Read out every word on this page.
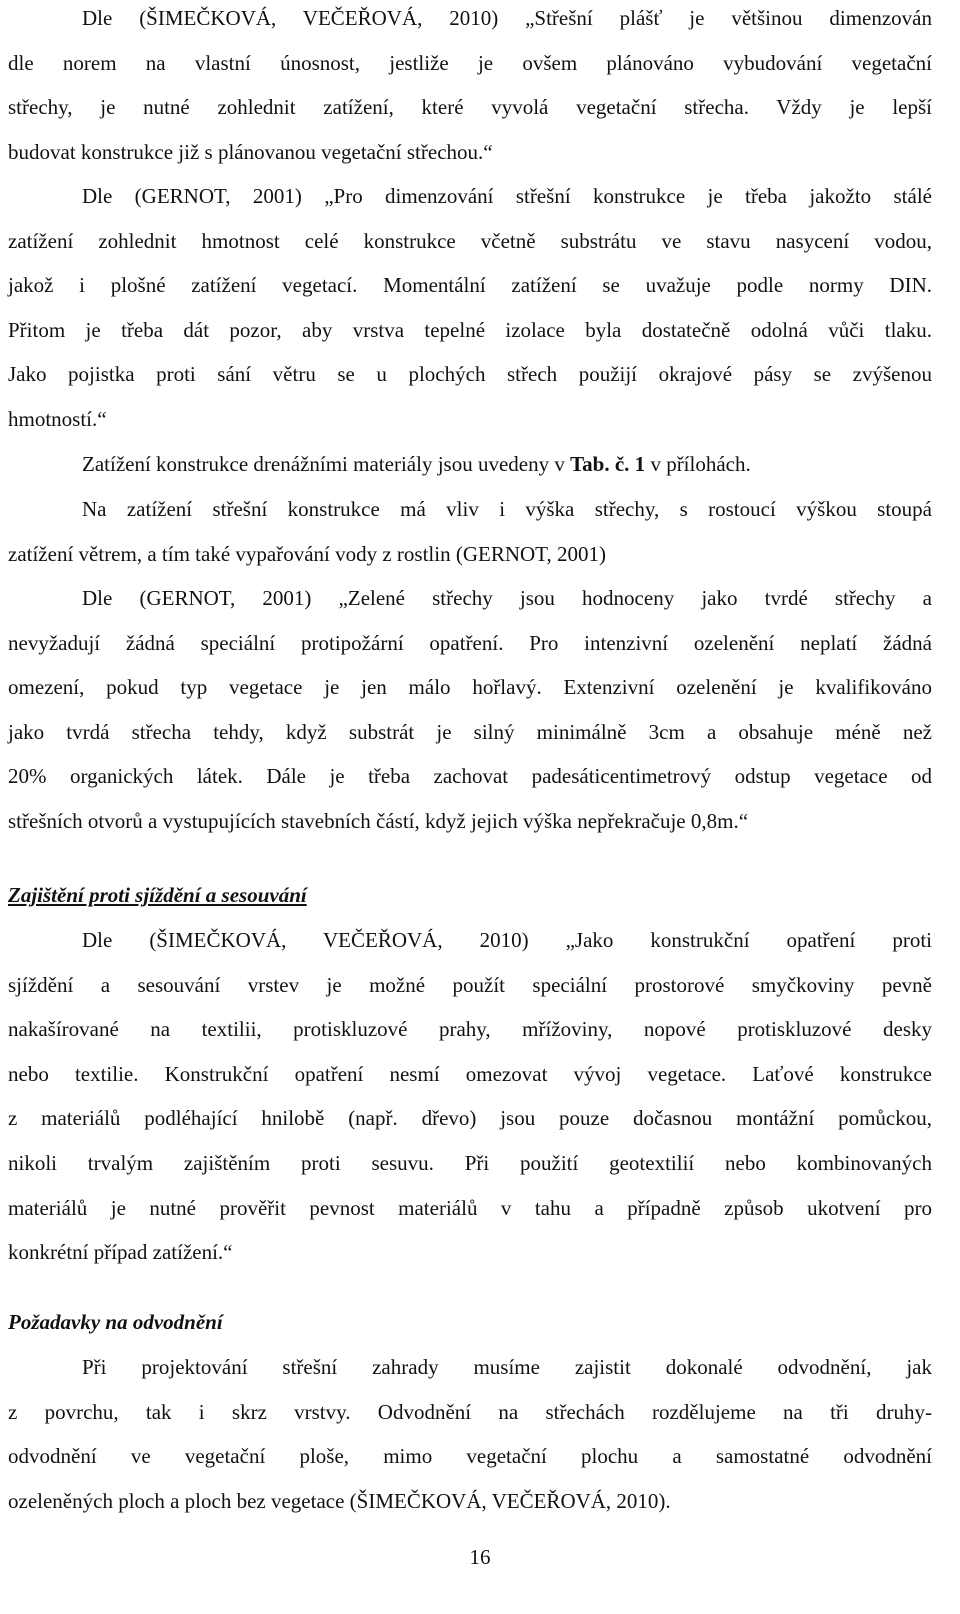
Dle (ŠIMEČKOVÁ, VEČEŘOVÁ, 2010) „Střešní plášť je většinou dimenzován
dle norem na vlastní únosnost, jestliže je ovšem plánováno vybudování vegetační
střechy, je nutné zohlednit zatížení, které vyvolá vegetační střecha. Vždy je lepší
budovat konstrukce již s plánovanou vegetační střechou.“
Dle (GERNOT, 2001) „Pro dimenzování střešní konstrukce je třeba jakožto stálé
zatížení zohlednit hmotnost celé konstrukce včetně substrátu ve stavu nasycení vodou,
jakož i plošné zatížení vegetací. Momentální zatížení se uvažuje podle normy DIN.
Přitom je třeba dát pozor, aby vrstva tepelné izolace byla dostatečně odolná vůči tlaku.
Jako pojistka proti sání větru se u plochých střech použijí okrajové pásy se zvýšenou
hmotností.“
Zatížení konstrukce drenážními materiály jsou uvedeny v Tab. č. 1 v přílohách.
Na zatížení střešní konstrukce má vliv i výška střechy, s rostoucí výškou stoupá
zatížení větrem, a tím také vypařování vody z rostlin (GERNOT, 2001)
Dle (GERNOT, 2001) „Zelené střechy jsou hodnoceny jako tvrdé střechy a
nevyžadují žádná speciální protipožární opatření. Pro intenzivní ozelenění neplatí žádná
omezení, pokud typ vegetace je jen málo hořlavý. Extenzivní ozelenění je kvalifikováno
jako tvrdá střecha tehdy, když substrát je silný minimálně 3cm a obsahuje méně než
20% organických látek. Dále je třeba zachovat padesáticentimetrový odstup vegetace od
střešních otvorů a vystupujících stavebních částí, když jejich výška nepřekračuje 0,8m.“
Zajištění proti sjíždění a sesouvání
Dle (ŠIMEČKOVÁ, VEČEŘOVÁ, 2010) „Jako konstrukční opatření proti
sjíždění a sesouvání vrstev je možné použít speciální prostorové smyčkoviny pevně
nakašírované na textilii, protiskluzové prahy, mřížoviny, nopové protiskluzové desky
nebo textilie. Konstrukční opatření nesmí omezovat vývoj vegetace. Laťové konstrukce
z materiálů podléhající hnilobě (např. dřevo) jsou pouze dočasnou montážní pomůckou,
nikoli trvalým zajištěním proti sesuvu. Při použití geotextilií nebo kombinovaných
materiálů je nutné prověřit pevnost materiálů v tahu a případně způsob ukotvení pro
konkrétní případ zatížení.“
Požadavky na odvodnění
Při projektování střešní zahrady musíme zajistit dokonalé odvodnění, jak
z povrchu, tak i skrz vrstvy. Odvodnění na střechách rozdělujeme na tři druhy-
odvodnění ve vegetační ploše, mimo vegetační plochu a samostatné odvodnění
ozeleněných ploch a ploch bez vegetace (ŠIMEČKOVÁ, VEČEŘOVÁ, 2010).
16
